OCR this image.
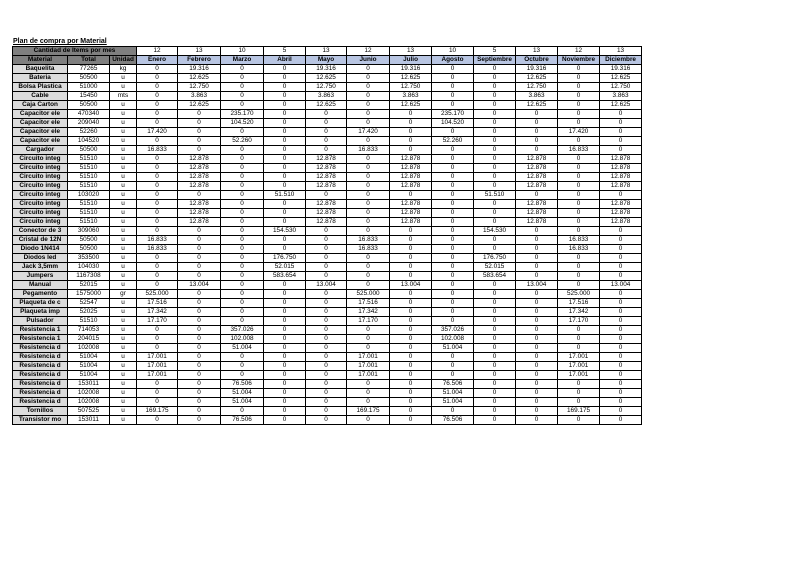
Plan de compra por Material
Cantidad de Items por mes			12	13	10	5	13	12	13	10	5	13	12	13
Material	Total	Unidad	Enero	Febrero	Marzo	Abril	Mayo	Junio	Julio	Agosto	Septiembre	Octubre	Noviembre	Diciembre
Baquelita	77265	kg	0	19.316	0	0	19.316	0	19.316	0	0	19.316	0	19.316
Bateria	50500	u	0	12.625	0	0	12.625	0	12.625	0	0	12.625	0	12.625
Bolsa Plastica	51000	u	0	12.750	0	0	12.750	0	12.750	0	0	12.750	0	12.750
Cable	15450	mts	0	3.863	0	0	3.863	0	3.863	0	0	3.863	0	3.863
Caja Carton	50500	u	0	12.625	0	0	12.625	0	12.625	0	0	12.625	0	12.625
Capacitor ele	470340	u	0	0	235.170	0	0	0	0	235.170	0	0	0	0
Capacitor ele	209040	u	0	0	104.520	0	0	0	0	104.520	0	0	0	0
Capacitor ele	52260	u	17.420	0	0	0	0	17.420	0	0	0	0	17.420	0
Capacitor ele	104520	u	0	0	52.260	0	0	0	0	52.260	0	0	0	0
Cargador	50500	u	16.833	0	0	0	0	16.833	0	0	0	0	16.833	0
Circuito integ	51510	u	0	12.878	0	0	12.878	0	12.878	0	0	12.878	0	12.878
Circuito integ	51510	u	0	12.878	0	0	12.878	0	12.878	0	0	12.878	0	12.878
Circuito integ	51510	u	0	12.878	0	0	12.878	0	12.878	0	0	12.878	0	12.878
Circuito integ	51510	u	0	12.878	0	0	12.878	0	12.878	0	0	12.878	0	12.878
Circuito integ	103020	u	0	0	0	51.510	0	0	0	0	51.510	0	0	0
Circuito integ	51510	u	0	12.878	0	0	12.878	0	12.878	0	0	12.878	0	12.878
Circuito integ	51510	u	0	12.878	0	0	12.878	0	12.878	0	0	12.878	0	12.878
Circuito integ	51510	u	0	12.878	0	0	12.878	0	12.878	0	0	12.878	0	12.878
Conector de 3	309060	u	0	0	0	154.530	0	0	0	0	154.530	0	0	0
Cristal de 12N	50500	u	16.833	0	0	0	0	16.833	0	0	0	0	16.833	0
Diodo 1N414	50500	u	16.833	0	0	0	0	16.833	0	0	0	0	16.833	0
Diodos led	353500	u	0	0	0	176.750	0	0	0	0	176.750	0	0	0
Jack 3,5mm	104030	u	0	0	0	52.015	0	0	0	0	52.015	0	0	0
Jumpers	1167308	u	0	0	0	583.654	0	0	0	0	583.654	0	0	0
Manual	52015	u	0	13.004	0	0	13.004	0	13.004	0	0	13.004	0	13.004
Pegamento	1575000	gr	525.000	0	0	0	0	525.000	0	0	0	0	525.000	0
Plaqueta de c	52547	u	17.516	0	0	0	0	17.516	0	0	0	0	17.516	0
Plaqueta imp	52025	u	17.342	0	0	0	0	17.342	0	0	0	0	17.342	0
Pulsador	51510	u	17.170	0	0	0	0	17.170	0	0	0	0	17.170	0
Resistencia 1	714053	u	0	0	357.026	0	0	0	0	357.026	0	0	0	0
Resistencia 1	204015	u	0	0	102.008	0	0	0	0	102.008	0	0	0	0
Resistencia d	102008	u	0	0	51.004	0	0	0	0	51.004	0	0	0	0
Resistencia d	51004	u	17.001	0	0	0	0	17.001	0	0	0	0	17.001	0
Resistencia d	51004	u	17.001	0	0	0	0	17.001	0	0	0	0	17.001	0
Resistencia d	51004	u	17.001	0	0	0	0	17.001	0	0	0	0	17.001	0
Resistencia d	153011	u	0	0	76.506	0	0	0	0	76.506	0	0	0	0
Resistencia d	102008	u	0	0	51.004	0	0	0	0	51.004	0	0	0	0
Resistencia d	102008	u	0	0	51.004	0	0	0	0	51.004	0	0	0	0
Tornillos	507525	u	169.175	0	0	0	0	169.175	0	0	0	0	169.175	0
Transistor mo	153011	u	0	0	76.506	0	0	0	0	76.506	0	0	0	0
